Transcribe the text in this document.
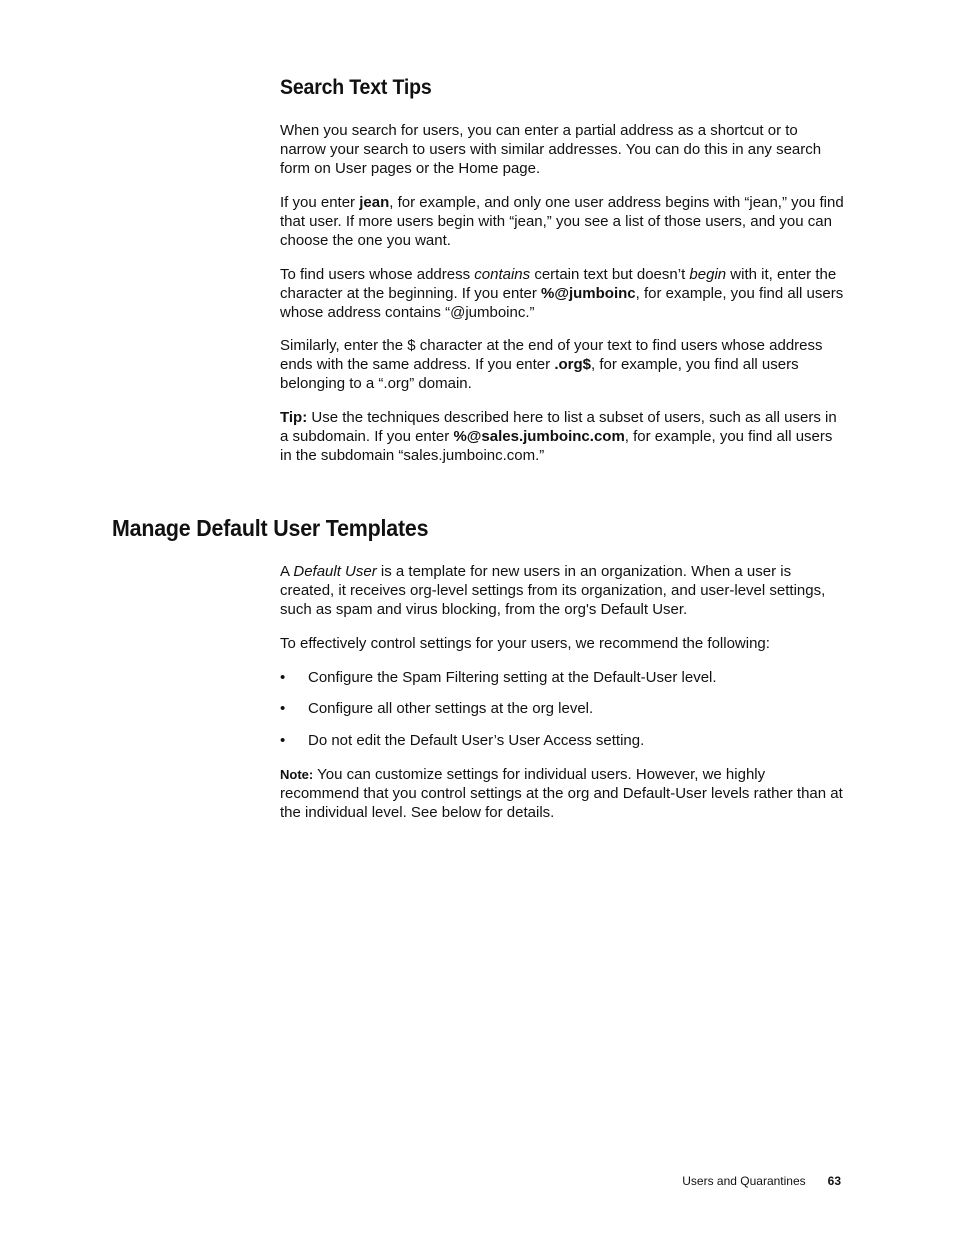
Search Text Tips

When you search for users, you can enter a partial address as a shortcut or to narrow your search to users with similar addresses. You can do this in any search form on User pages or the Home page.

If you enter jean, for example, and only one user address begins with “jean,” you find that user. If more users begin with “jean,” you see a list of those users, and you can choose the one you want.

To find users whose address contains certain text but doesn’t begin with it, enter the    character at the beginning. If you enter %@jumboinc, for example, you find all users whose address contains “@jumboinc.”

Similarly, enter the $ character at the end of your text to find users whose address ends with the same address. If you enter .org$, for example, you find all users belonging to a “.org” domain.

Tip: Use the techniques described here to list a subset of users, such as all users in a subdomain. If you enter %@sales.jumboinc.com, for example, you find all users in the subdomain “sales.jumboinc.com.”

Manage Default User Templates

A Default User is a template for new users in an organization. When a user is created, it receives org-level settings from its organization, and user-level settings, such as spam and virus blocking, from the org's Default User.

To effectively control settings for your users, we recommend the following:

• Configure the Spam Filtering setting at the Default-User level.
• Configure all other settings at the org level.
• Do not edit the Default User’s User Access setting.

Note: You can customize settings for individual users. However, we highly recommend that you control settings at the org and Default-User levels rather than at the individual level. See below for details.

Users and Quarantines 63
